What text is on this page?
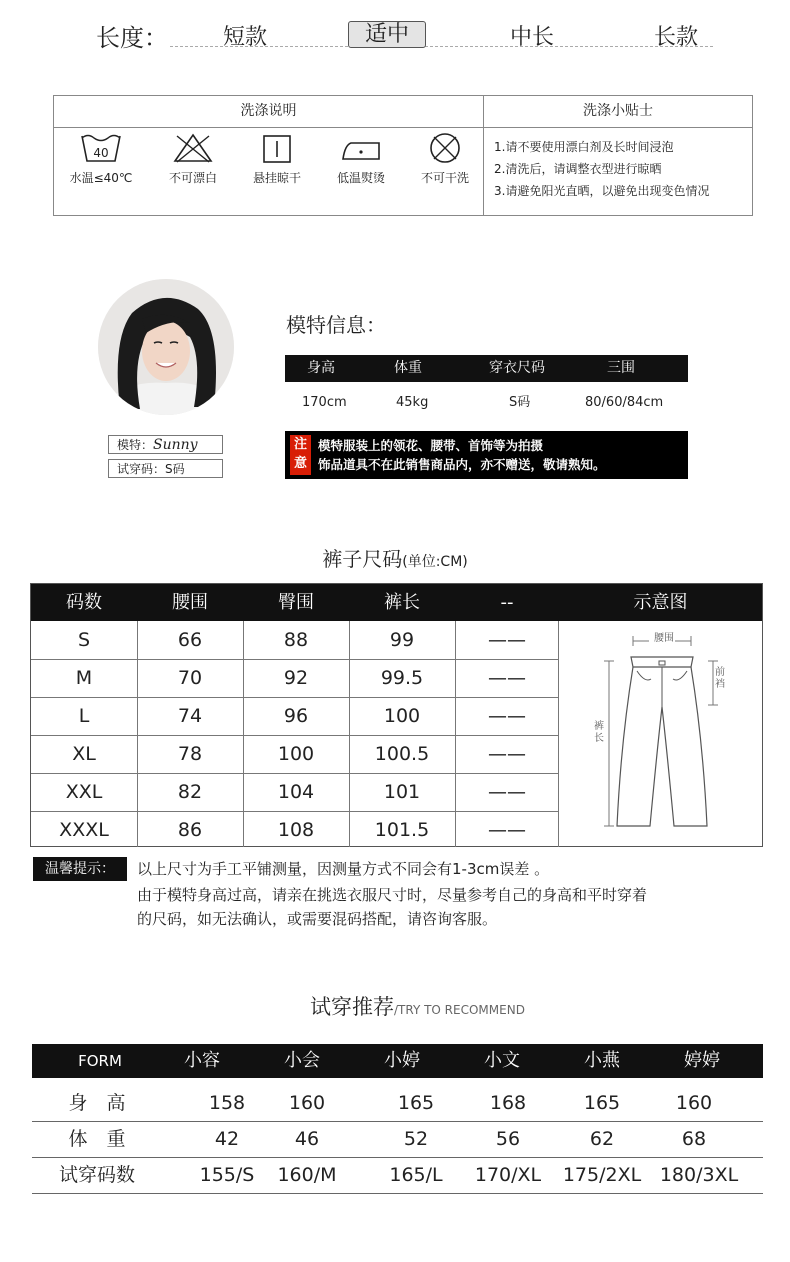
长度：	短款	适中	中长	长款
洗涤说明	洗涤小贴士
40
水温≤40℃	不可漂白	悬挂晾干	低温熨烫	不可干洗
1.请不要使用漂白剂及长时间浸泡
2.清洗后，请调整衣型进行晾晒
3.请避免阳光直晒，以避免出现变色情况
模特：Sunny
试穿码：S码
模特信息：
身高	体重	穿衣尺码	三围
170cm	45kg	S码	80/60/84cm
注
意
模特服装上的领花、腰带、首饰等为拍摄
饰品道具不在此销售商品内，亦不赠送，敬请熟知。
裤子尺码(单位:CM)
码数	腰围	臀围	裤长	--	示意图
S	66	88	99	——
M	70	92	99.5	——
L	74	96	100	——
XL	78	100	100.5	——
XXL	82	104	101	——
XXXL	86	108	101.5	——
腰围
前裆
裤长
温馨提示：	以上尺寸为手工平铺测量，因测量方式不同会有1-3cm误差 。
由于模特身高过高，请亲在挑选衣服尺寸时，尽量参考自己的身高和平时穿着
的尺码，如无法确认，或需要混码搭配，请咨询客服。
试穿推荐/TRY TO RECOMMEND
FORM	小容	小会	小婷	小文	小燕	婷婷
身　高	158	160	165	168	165	160
体　重	42	46	52	56	62	68
试穿码数	155/S	160/M	165/L	170/XL	175/2XL 180/3XL
